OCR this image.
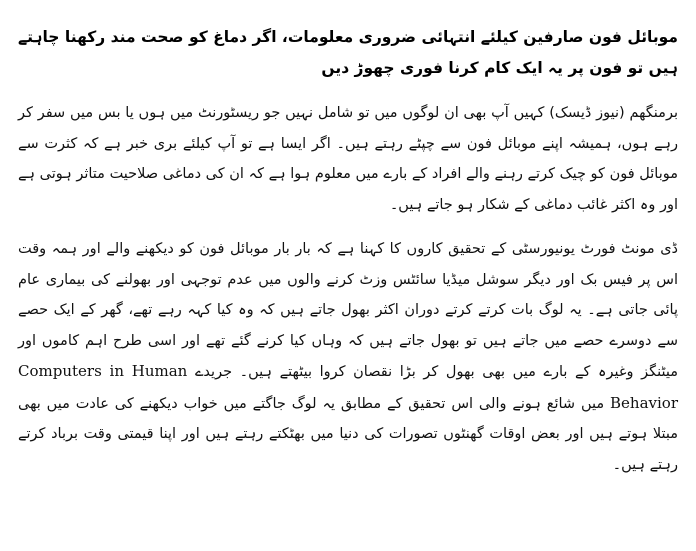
موبائل فون صارفین کیلئے انتہائی ضروری معلومات، اگر دماغ کو صحت مند رکھنا چاہتے ہیں تو فون پر یہ ایک کام کرنا فوری چھوڑ دیں

برمنگھم (نیوز ڈیسک) کہیں آپ بھی ان لوگوں میں تو شامل نہیں جو ریسٹورنٹ میں ہوں یا بس میں سفر کر رہے ہوں، ہمیشہ اپنے موبائل فون سے چپٹے رہتے ہیں۔ اگر ایسا ہے تو آپ کیلئے بری خبر ہے کہ کثرت سے موبائل فون کو چیک کرتے رہنے والے افراد کے بارے میں معلوم ہوا ہے کہ ان کی دماغی صلاحیت متاثر ہوتی ہے اور وہ اکثر غائب دماغی کے شکار ہو جاتے ہیں۔

ڈی مونٹ فورٹ یونیورسٹی کے تحقیق کاروں کا کہنا ہے کہ بار بار موبائل فون کو دیکھنے والے اور ہمہ وقت اس پر فیس بک اور دیگر سوشل میڈیا سائٹس وزٹ کرنے والوں میں عدم توجہی اور بھولنے کی بیماری عام پائی جاتی ہے۔ یہ لوگ بات کرتے کرتے دوران اکثر بھول جاتے ہیں کہ وہ کیا کہہ رہے تھے، گھر کے ایک حصے سے دوسرے حصے میں جاتے ہیں تو بھول جاتے ہیں کہ وہاں کیا کرنے گئے تھے اور اسی طرح اہم کاموں اور میٹنگز وغیرہ کے بارے میں بھی بھول کر بڑا نقصان کروا بیٹھتے ہیں۔ جریدے Computers in Human Behavior میں شائع ہونے والی اس تحقیق کے مطابق یہ لوگ جاگتے میں خواب دیکھنے کی عادت میں بھی مبتلا ہوتے ہیں اور بعض اوقات گھنٹوں تصورات کی دنیا میں بھٹکتے رہتے ہیں اور اپنا قیمتی وقت برباد کرتے رہتے ہیں۔
